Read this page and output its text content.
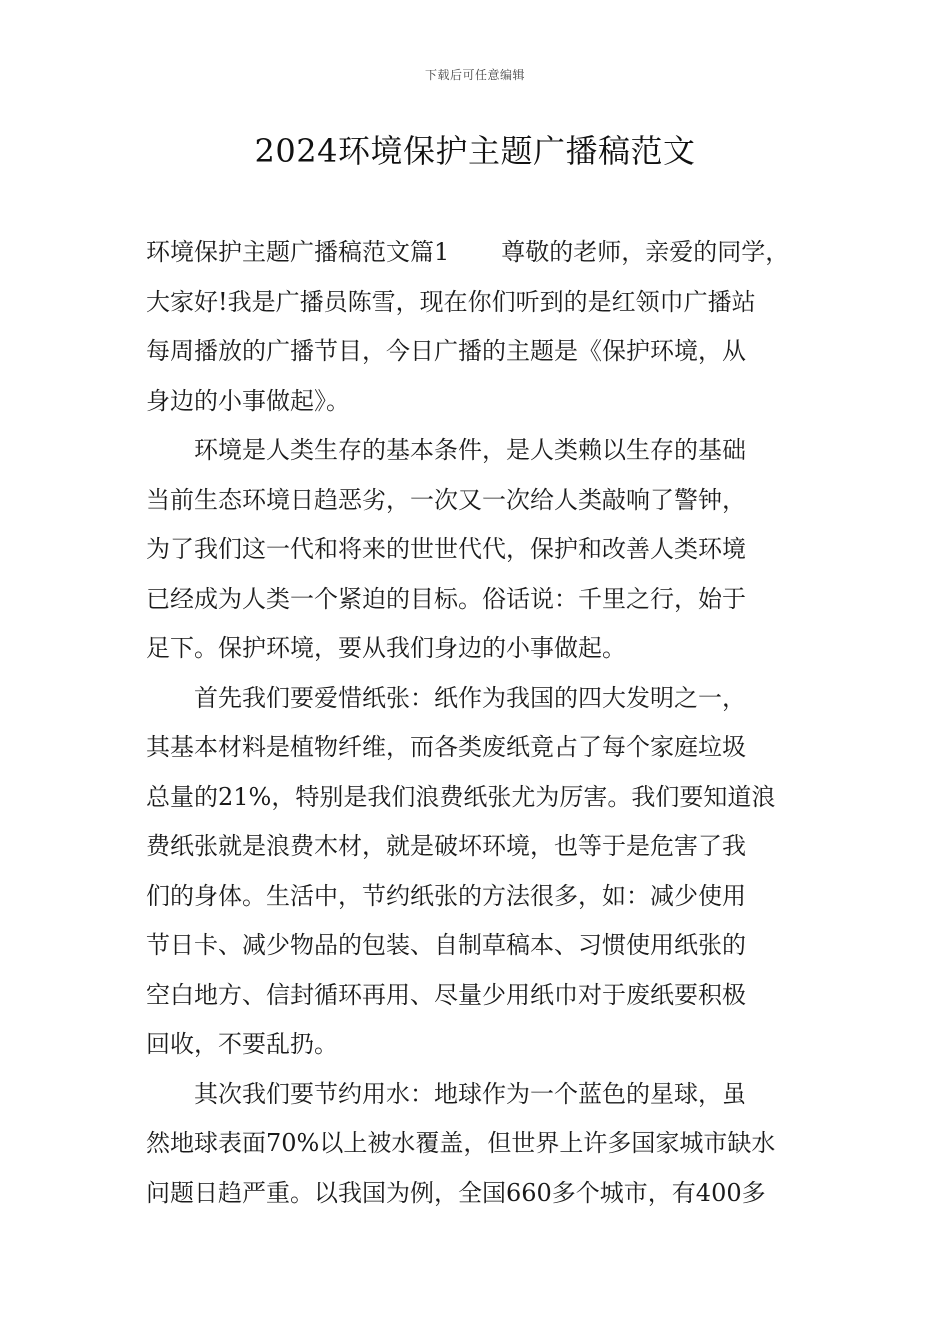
下载后可任意编辑
2024环境保护主题广播稿范文

环境保护主题广播稿范文篇1 尊敬的老师，亲爱的同学，
大家好!我是广播员陈雪，现在你们听到的是红领巾广播站
每周播放的广播节目，今日广播的主题是《保护环境，从
身边的小事做起》。

环境是人类生存的基本条件，是人类赖以生存的基础
当前生态环境日趋恶劣，一次又一次给人类敲响了警钟，
为了我们这一代和将来的世世代代，保护和改善人类环境
已经成为人类一个紧迫的目标。俗话说：千里之行，始于
足下。保护环境，要从我们身边的小事做起。

首先我们要爱惜纸张：纸作为我国的四大发明之一，
其基本材料是植物纤维，而各类废纸竟占了每个家庭垃圾
总量的21%，特别是我们浪费纸张尤为厉害。我们要知道浪
费纸张就是浪费木材，就是破坏环境，也等于是危害了我
们的身体。生活中，节约纸张的方法很多，如：减少使用
节日卡、减少物品的包装、自制草稿本、习惯使用纸张的
空白地方、信封循环再用、尽量少用纸巾对于废纸要积极
回收，不要乱扔。

其次我们要节约用水：地球作为一个蓝色的星球，虽
然地球表面70%以上被水覆盖，但世界上许多国家城市缺水
问题日趋严重。以我国为例，全国660多个城市，有400多
